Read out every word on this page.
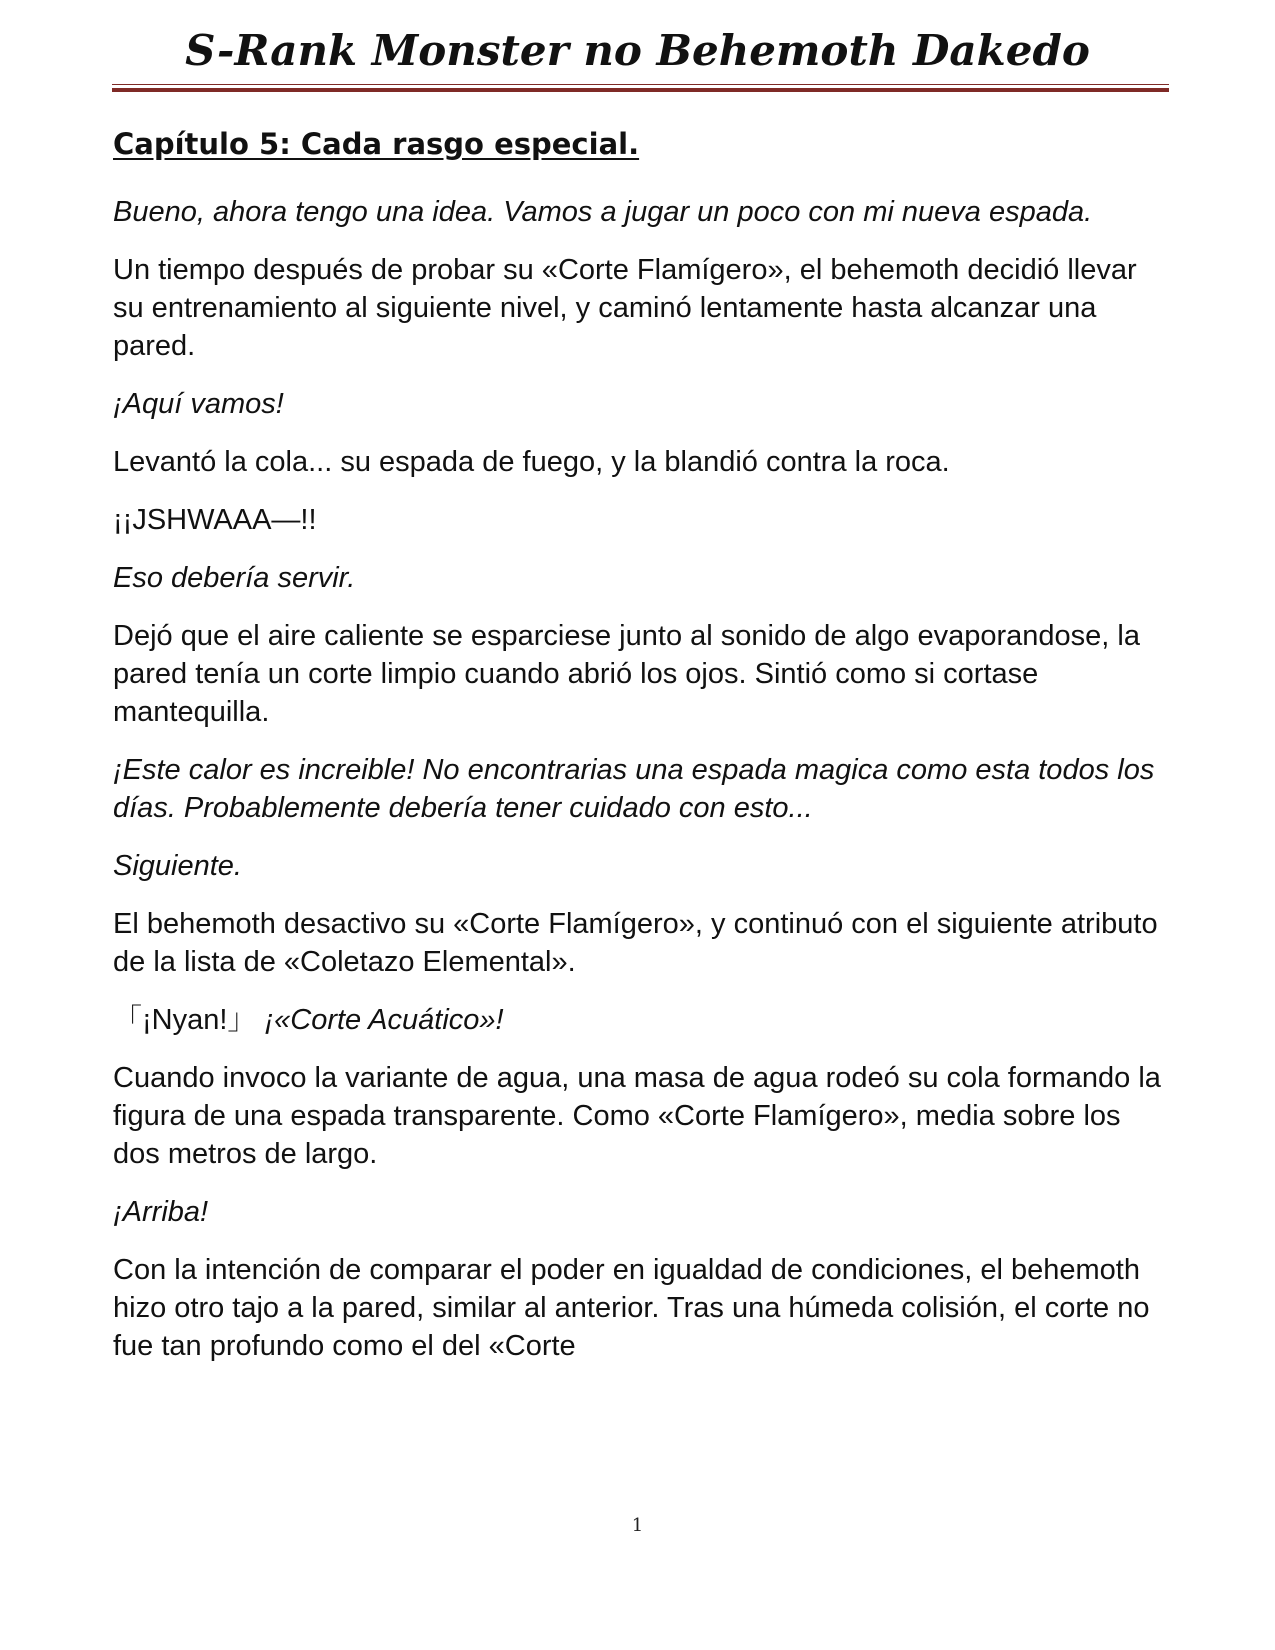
S-Rank Monster no Behemoth Dakedo
Capítulo 5: Cada rasgo especial.

Bueno, ahora tengo una idea. Vamos a jugar un poco con mi nueva espada.

Un tiempo después de probar su «Corte Flamígero», el behemoth decidió llevar su entrenamiento al siguiente nivel, y caminó lentamente hasta alcanzar una pared.

¡Aquí vamos!

Levantó la cola... su espada de fuego, y la blandió contra la roca.

¡¡JSHWAAA—!!

Eso debería servir.

Dejó que el aire caliente se esparciese junto al sonido de algo evaporandose, la pared tenía un corte limpio cuando abrió los ojos. Sintió como si cortase mantequilla.

¡Este calor es increible! No encontrarias una espada magica como esta todos los días. Probablemente debería tener cuidado con esto...

Siguiente.

El behemoth desactivo su «Corte Flamígero», y continuó con el siguiente atributo de la lista de «Coletazo Elemental».

「¡Nyan!」 ¡«Corte Acuático»!

Cuando invoco la variante de agua, una masa de agua rodeó su cola formando la figura de una espada transparente. Como «Corte Flamígero», media sobre los dos metros de largo.

¡Arriba!

Con la intención de comparar el poder en igualdad de condiciones, el behemoth hizo otro tajo a la pared, similar al anterior. Tras una húmeda colisión, el corte no fue tan profundo como el del «Corte

1
